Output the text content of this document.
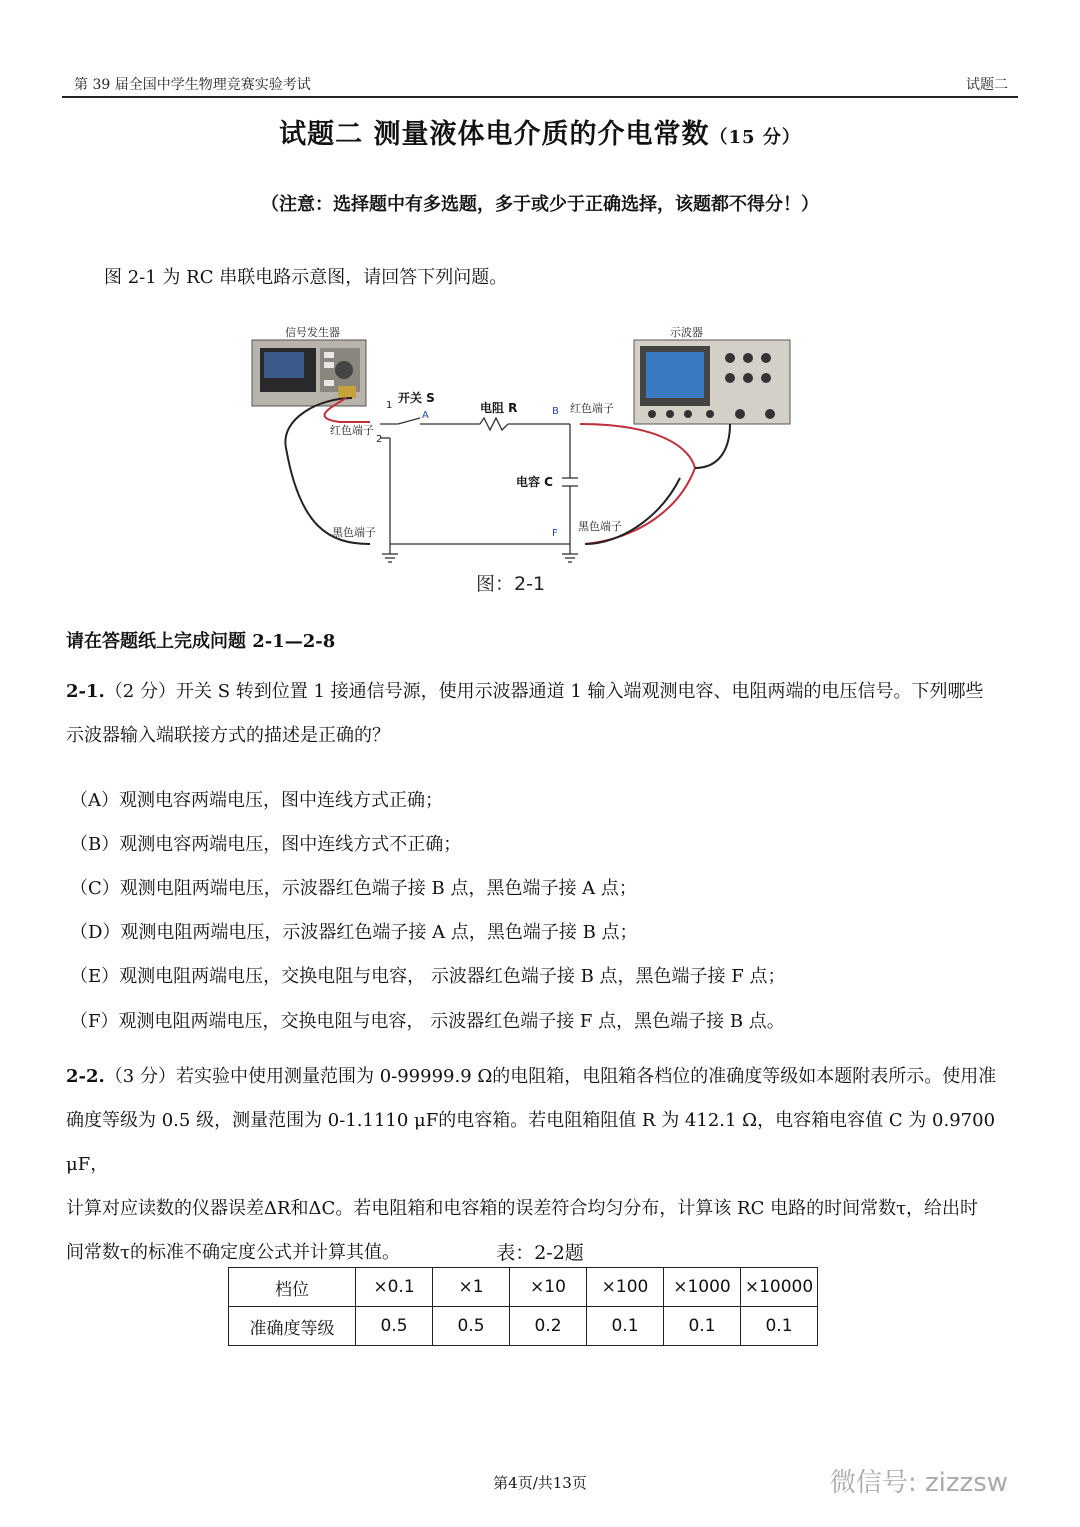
第 39 届全国中学生物理竞赛实验考试	试题二
试题二 测量液体电介质的介电常数（15 分）
（注意：选择题中有多选题，多于或少于正确选择，该题都不得分！）
图 2-1 为 RC 串联电路示意图，请回答下列问题。
信号发生器	示波器
开关 S
电阻 R
电容 C
红色端子
红色端子
黑色端子	黑色端子
1
2
A	B
F
图：2-1
请在答题纸上完成问题 2-1—2-8
2-1.（2 分）开关 S 转到位置 1 接通信号源，使用示波器通道 1 输入端观测电容、电阻两端的电压信号。下列哪些
示波器输入端联接方式的描述是正确的？
（A）观测电容两端电压，图中连线方式正确；
（B）观测电容两端电压，图中连线方式不正确；
（C）观测电阻两端电压，示波器红色端子接 B 点，黑色端子接 A 点；
（D）观测电阻两端电压，示波器红色端子接 A 点，黑色端子接 B 点；
（E）观测电阻两端电压，交换电阻与电容， 示波器红色端子接 B 点，黑色端子接 F 点；
（F）观测电阻两端电压，交换电阻与电容， 示波器红色端子接 F 点，黑色端子接 B 点。
2-2.（3 分）若实验中使用测量范围为 0-99999.9 Ω的电阻箱，电阻箱各档位的准确度等级如本题附表所示。使用准
确度等级为 0.5 级，测量范围为 0-1.1110 μF的电容箱。若电阻箱阻值 R 为 412.1 Ω，电容箱电容值 C 为 0.9700 μF，
计算对应读数的仪器误差ΔR和ΔC。若电阻箱和电容箱的误差符合均匀分布，计算该 RC 电路的时间常数τ，给出时
间常数τ的标准不确定度公式并计算其值。	表：2-2题
档位	×0.1	×1	×10	×100	×1000	×10000
准确度等级	0.5	0.5	0.2	0.1	0.1	0.1
第4页/共13页	微信号: zizzsw
